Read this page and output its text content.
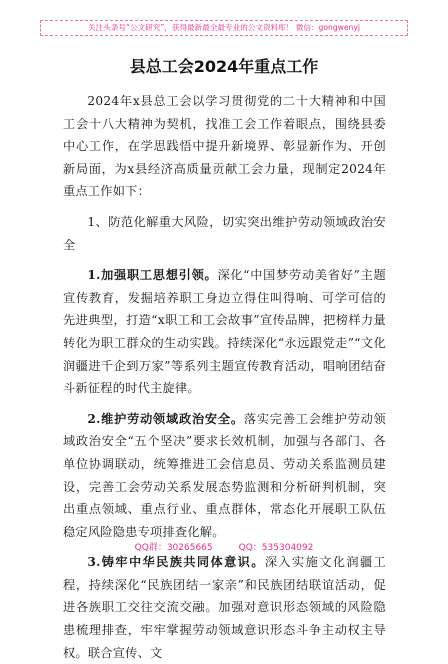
关注头条号“公文研究”，获得最新最全最专业的公文资料库！ 微信：gongwenyj
县总工会2024年重点工作

2024年x县总工会以学习贯彻党的二十大精神和中国工会十八大精神为契机，找准工会工作着眼点，围绕县委中心工作，在学思践悟中提升新境界、彰显新作为、开创新局面，为x县经济高质量贡献工会力量，现制定2024年重点工作如下：

1、防范化解重大风险，切实突出维护劳动领域政治安全

1.加强职工思想引领。深化“中国梦劳动美省好”主题宣传教育，发掘培养职工身边立得住叫得响、可学可信的先进典型，打造“x职工和工会故事”宣传品牌，把榜样力量转化为职工群众的生动实践。持续深化“永远跟党走”“文化润疆进千企到万家”等系列主题宣传教育活动，唱响团结奋斗新征程的时代主旋律。

2.维护劳动领域政治安全。落实完善工会维护劳动领域政治安全“五个坚决”要求长效机制，加强与各部门、各单位协调联动，统筹推进工会信息员、劳动关系监测员建设，完善工会劳动关系发展态势监测和分析研判机制，突出重点领域、重点行业、重点群体，常态化开展职工队伍稳定风险隐患专项排查化解。

3.铸牢中华民族共同体意识。深入实施文化润疆工程，持续深化“民族团结一家亲”和民族团结联谊活动，促进各族职工交往交流交融。加强对意识形态领域的风险隐患梳理排查，牢牢掌握劳动领域意识形态斗争主动权主导权。联合宣传、文

QQ群：30265665	QQ：535304092
